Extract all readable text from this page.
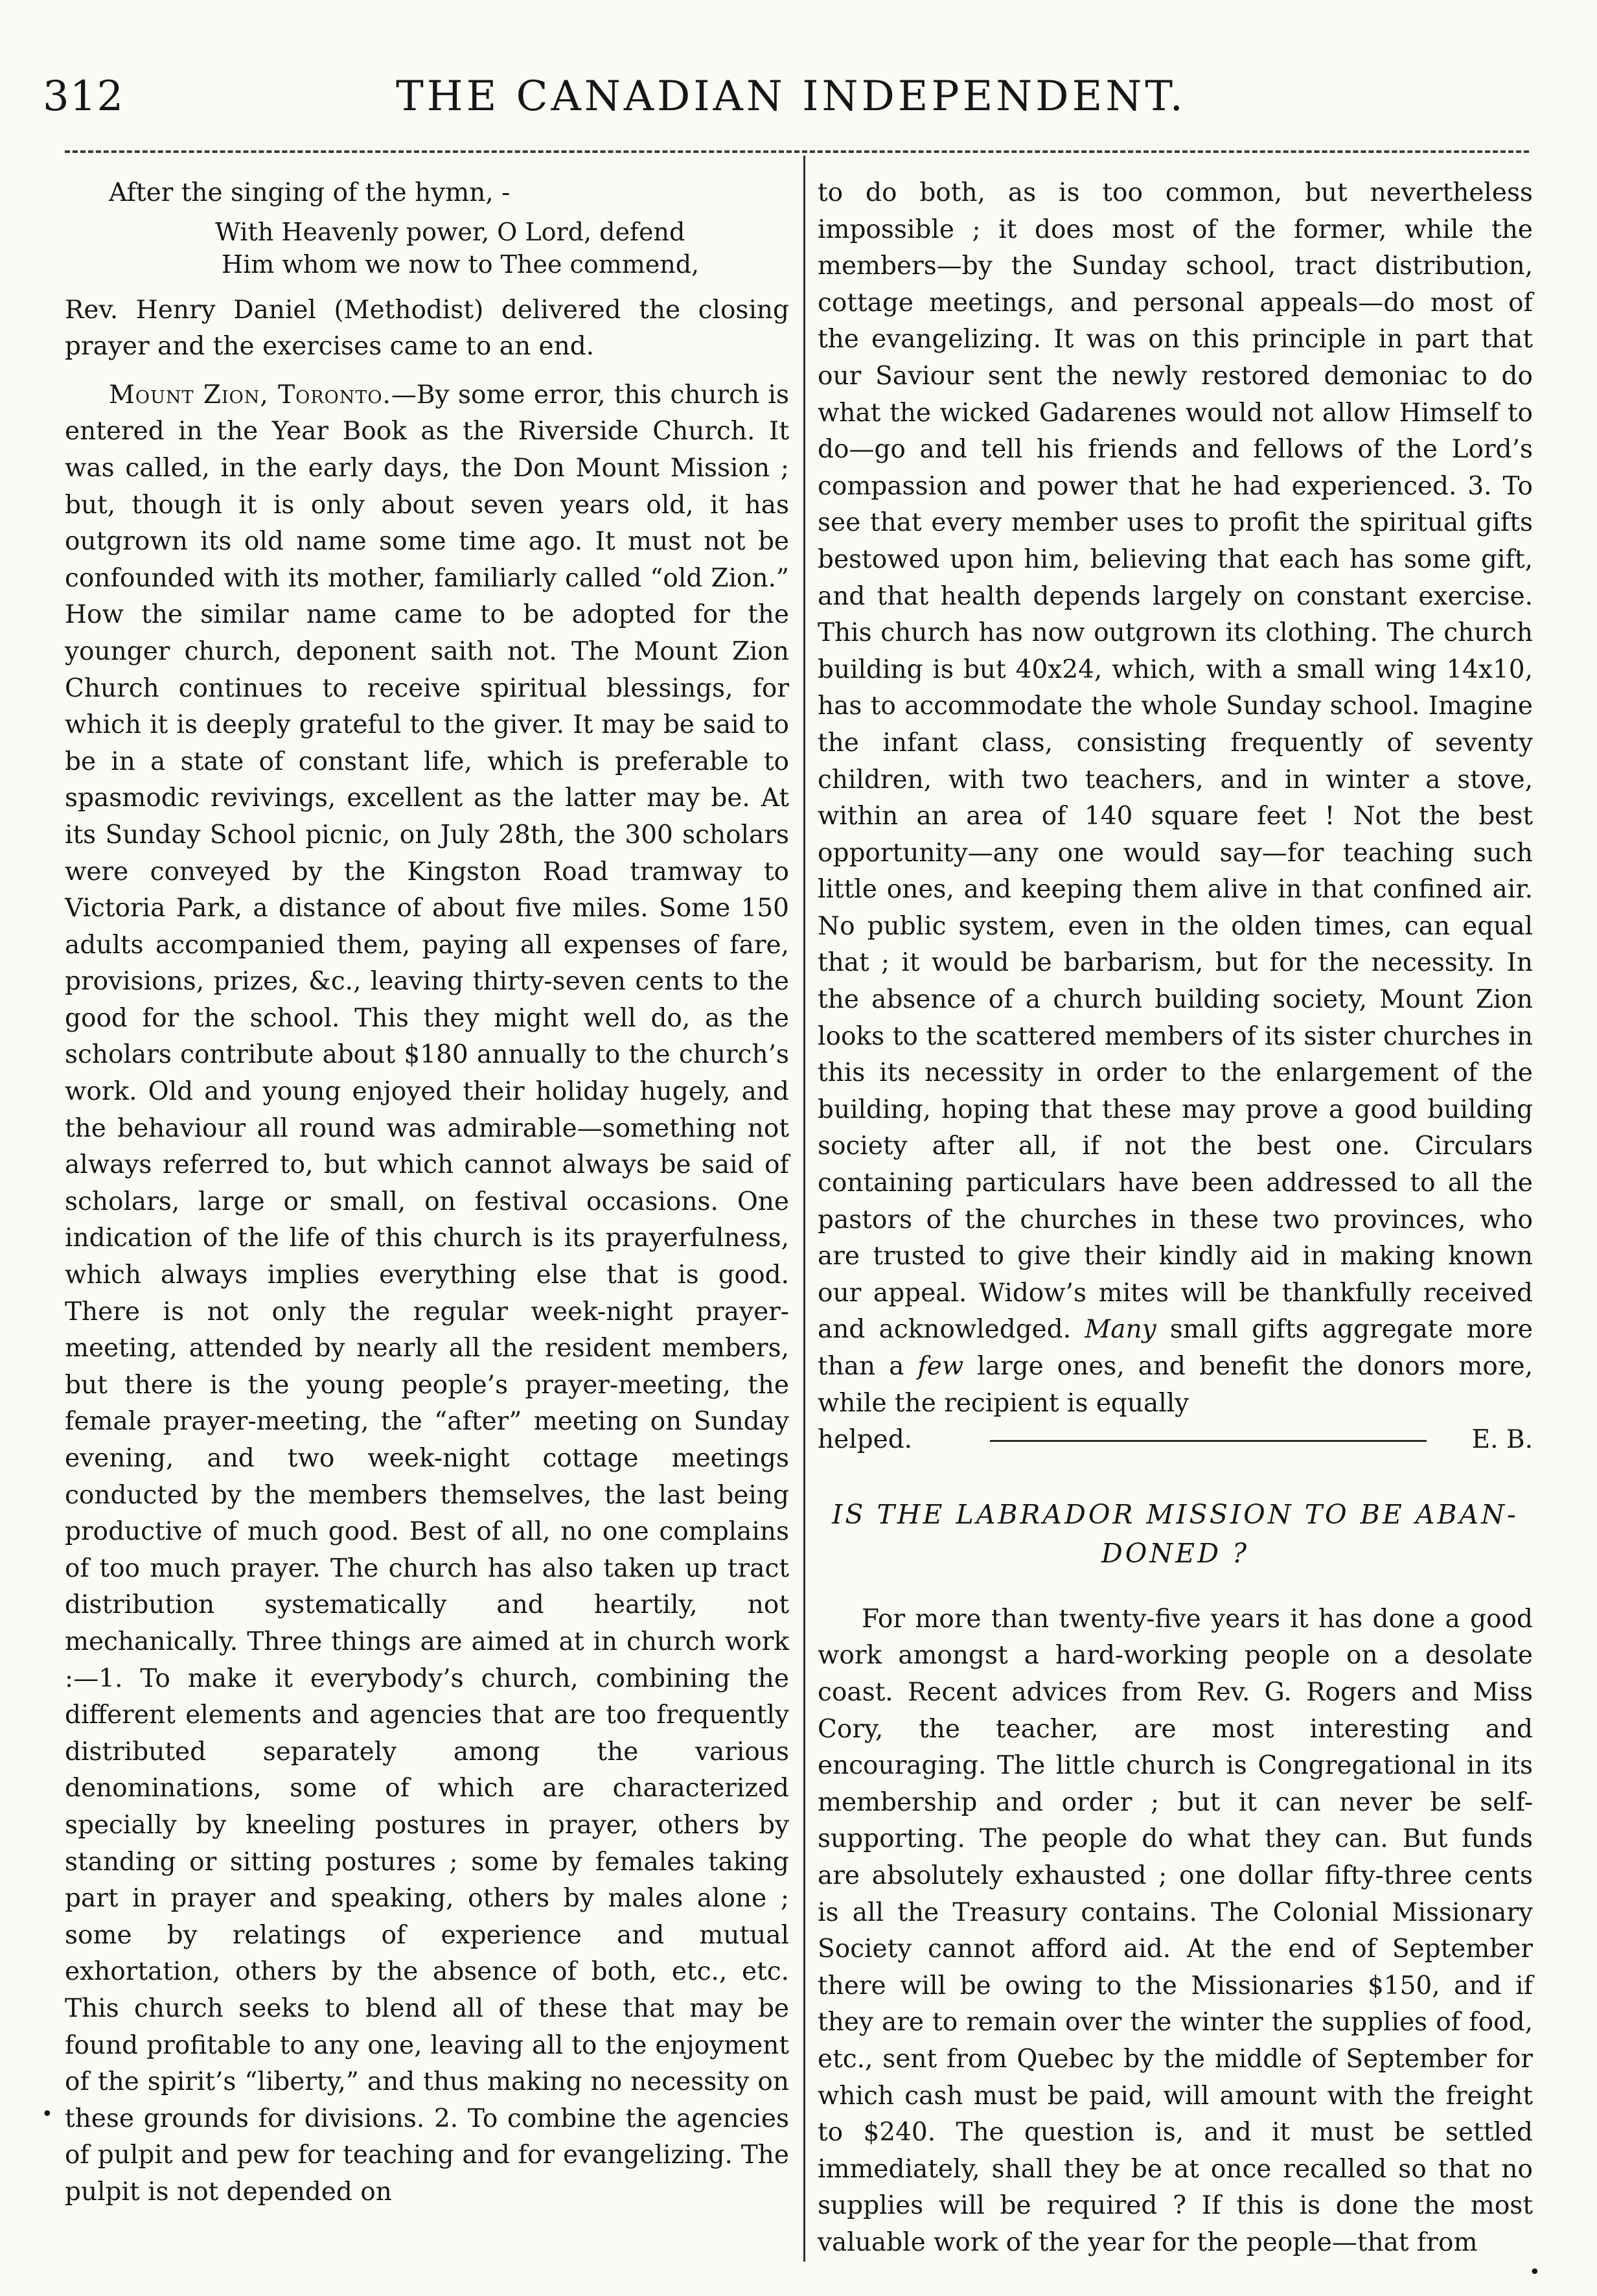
312	THE CANADIAN INDEPENDENT.

After the singing of the hymn, -

With Heavenly power, O Lord, defend
Him whom we now to Thee commend,

Rev. Henry Daniel (Methodist) delivered the closing prayer and the exercises came to an end.

Mount Zion, Toronto.—By some error, this church is entered in the Year Book as the Riverside Church. It was called, in the early days, the Don Mount Mission ; but, though it is only about seven years old, it has outgrown its old name some time ago. It must not be confounded with its mother, familiarly called “old Zion.” How the similar name came to be adopted for the younger church, deponent saith not. The Mount Zion Church continues to receive spiritual blessings, for which it is deeply grateful to the giver. It may be said to be in a state of constant life, which is preferable to spasmodic revivings, excellent as the latter may be. At its Sunday School picnic, on July 28th, the 300 scholars were conveyed by the Kingston Road tramway to Victoria Park, a distance of about five miles. Some 150 adults accompanied them, paying all expenses of fare, provisions, prizes, &c., leaving thirty-seven cents to the good for the school. This they might well do, as the scholars contribute about $180 annually to the church’s work. Old and young enjoyed their holiday hugely, and the behaviour all round was admirable—something not always referred to, but which cannot always be said of scholars, large or small, on festival occasions. One indication of the life of this church is its prayerfulness, which always implies everything else that is good. There is not only the regular week-night prayer-meeting, attended by nearly all the resident members, but there is the young people’s prayer-meeting, the female prayer-meeting, the “after” meeting on Sunday evening, and two week-night cottage meetings conducted by the members themselves, the last being productive of much good. Best of all, no one complains of too much prayer. The church has also taken up tract distribution systematically and heartily, not mechanically. Three things are aimed at in church work :—1. To make it everybody’s church, combining the different elements and agencies that are too frequently distributed separately among the various denominations, some of which are characterized specially by kneeling postures in prayer, others by standing or sitting postures ; some by females taking part in prayer and speaking, others by males alone ; some by relatings of experience and mutual exhortation, others by the absence of both, etc., etc. This church seeks to blend all of these that may be found profitable to any one, leaving all to the enjoyment of the spirit’s “liberty,” and thus making no necessity on these grounds for divisions. 2. To combine the agencies of pulpit and pew for teaching and for evangelizing. The pulpit is not depended on

to do both, as is too common, but nevertheless impossible ; it does most of the former, while the members—by the Sunday school, tract distribution, cottage meetings, and personal appeals—do most of the evangelizing. It was on this principle in part that our Saviour sent the newly restored demoniac to do what the wicked Gadarenes would not allow Himself to do—go and tell his friends and fellows of the Lord’s compassion and power that he had experienced. 3. To see that every member uses to profit the spiritual gifts bestowed upon him, believing that each has some gift, and that health depends largely on constant exercise. This church has now outgrown its clothing. The church building is but 40x24, which, with a small wing 14x10, has to accommodate the whole Sunday school. Imagine the infant class, consisting frequently of seventy children, with two teachers, and in winter a stove, within an area of 140 square feet ! Not the best opportunity—any one would say—for teaching such little ones, and keeping them alive in that confined air. No public system, even in the olden times, can equal that ; it would be barbarism, but for the necessity. In the absence of a church building society, Mount Zion looks to the scattered members of its sister churches in this its necessity in order to the enlargement of the building, hoping that these may prove a good building society after all, if not the best one. Circulars containing particulars have been addressed to all the pastors of the churches in these two provinces, who are trusted to give their kindly aid in making known our appeal. Widow’s mites will be thankfully received and acknowledged. Many small gifts aggregate more than a few large ones, and benefit the donors more, while the recipient is equally

helped.	E. B.
IS THE LABRADOR MISSION TO BE ABAN-
DONED ?

For more than twenty-five years it has done a good work amongst a hard-working people on a desolate coast. Recent advices from Rev. G. Rogers and Miss Cory, the teacher, are most interesting and encouraging. The little church is Congregational in its membership and order ; but it can never be self-supporting. The people do what they can. But funds are absolutely exhausted ; one dollar fifty-three cents is all the Treasury contains. The Colonial Missionary Society cannot afford aid. At the end of September there will be owing to the Missionaries $150, and if they are to remain over the winter the supplies of food, etc., sent from Quebec by the middle of September for which cash must be paid, will amount with the freight to $240. The question is, and it must be settled immediately, shall they be at once recalled so that no supplies will be required ? If this is done the most valuable work of the year for the people—that from

•
•
